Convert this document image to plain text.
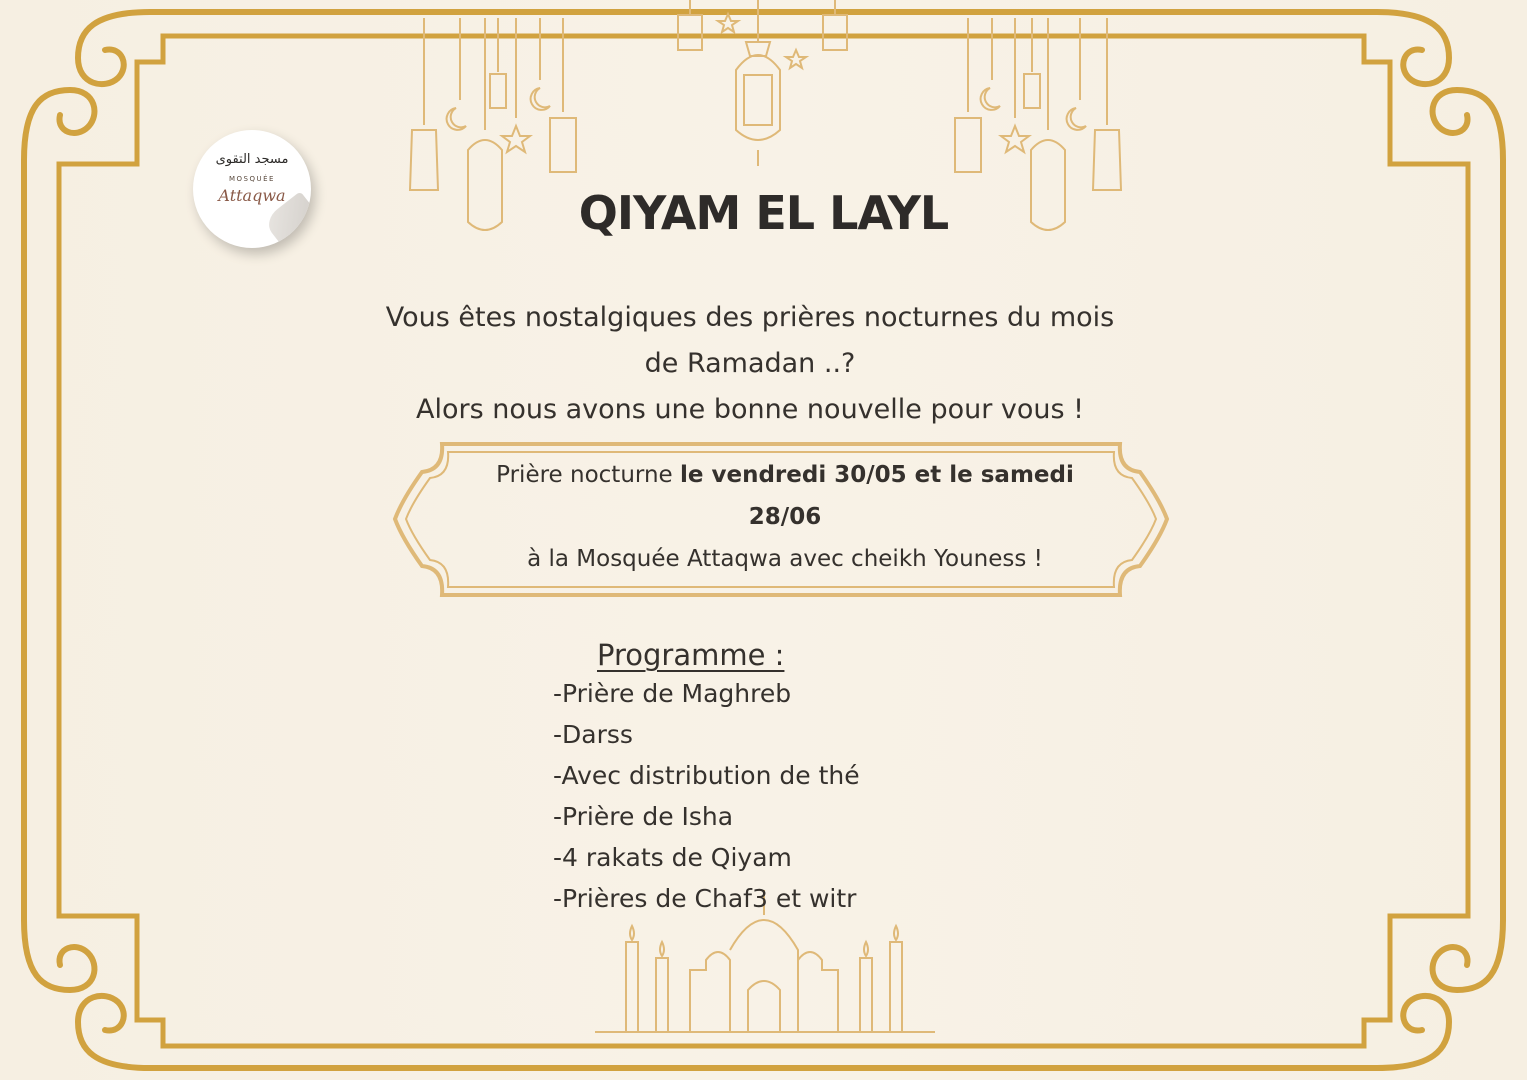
مسجد التقوى
MOSQUÉE
Attaqwa	QIYAM EL LAYL
Vous êtes nostalgiques des prières nocturnes du mois
de Ramadan ..?
Alors nous avons une bonne nouvelle pour vous !
Prière nocturne le vendredi 30/05 et le samedi
28/06
à la Mosquée Attaqwa avec cheikh Youness !
Programme :
-Prière de Maghreb
-Darss
-Avec distribution de thé
-Prière de Isha
-4 rakats de Qiyam
-Prières de Chaf3 et witr
